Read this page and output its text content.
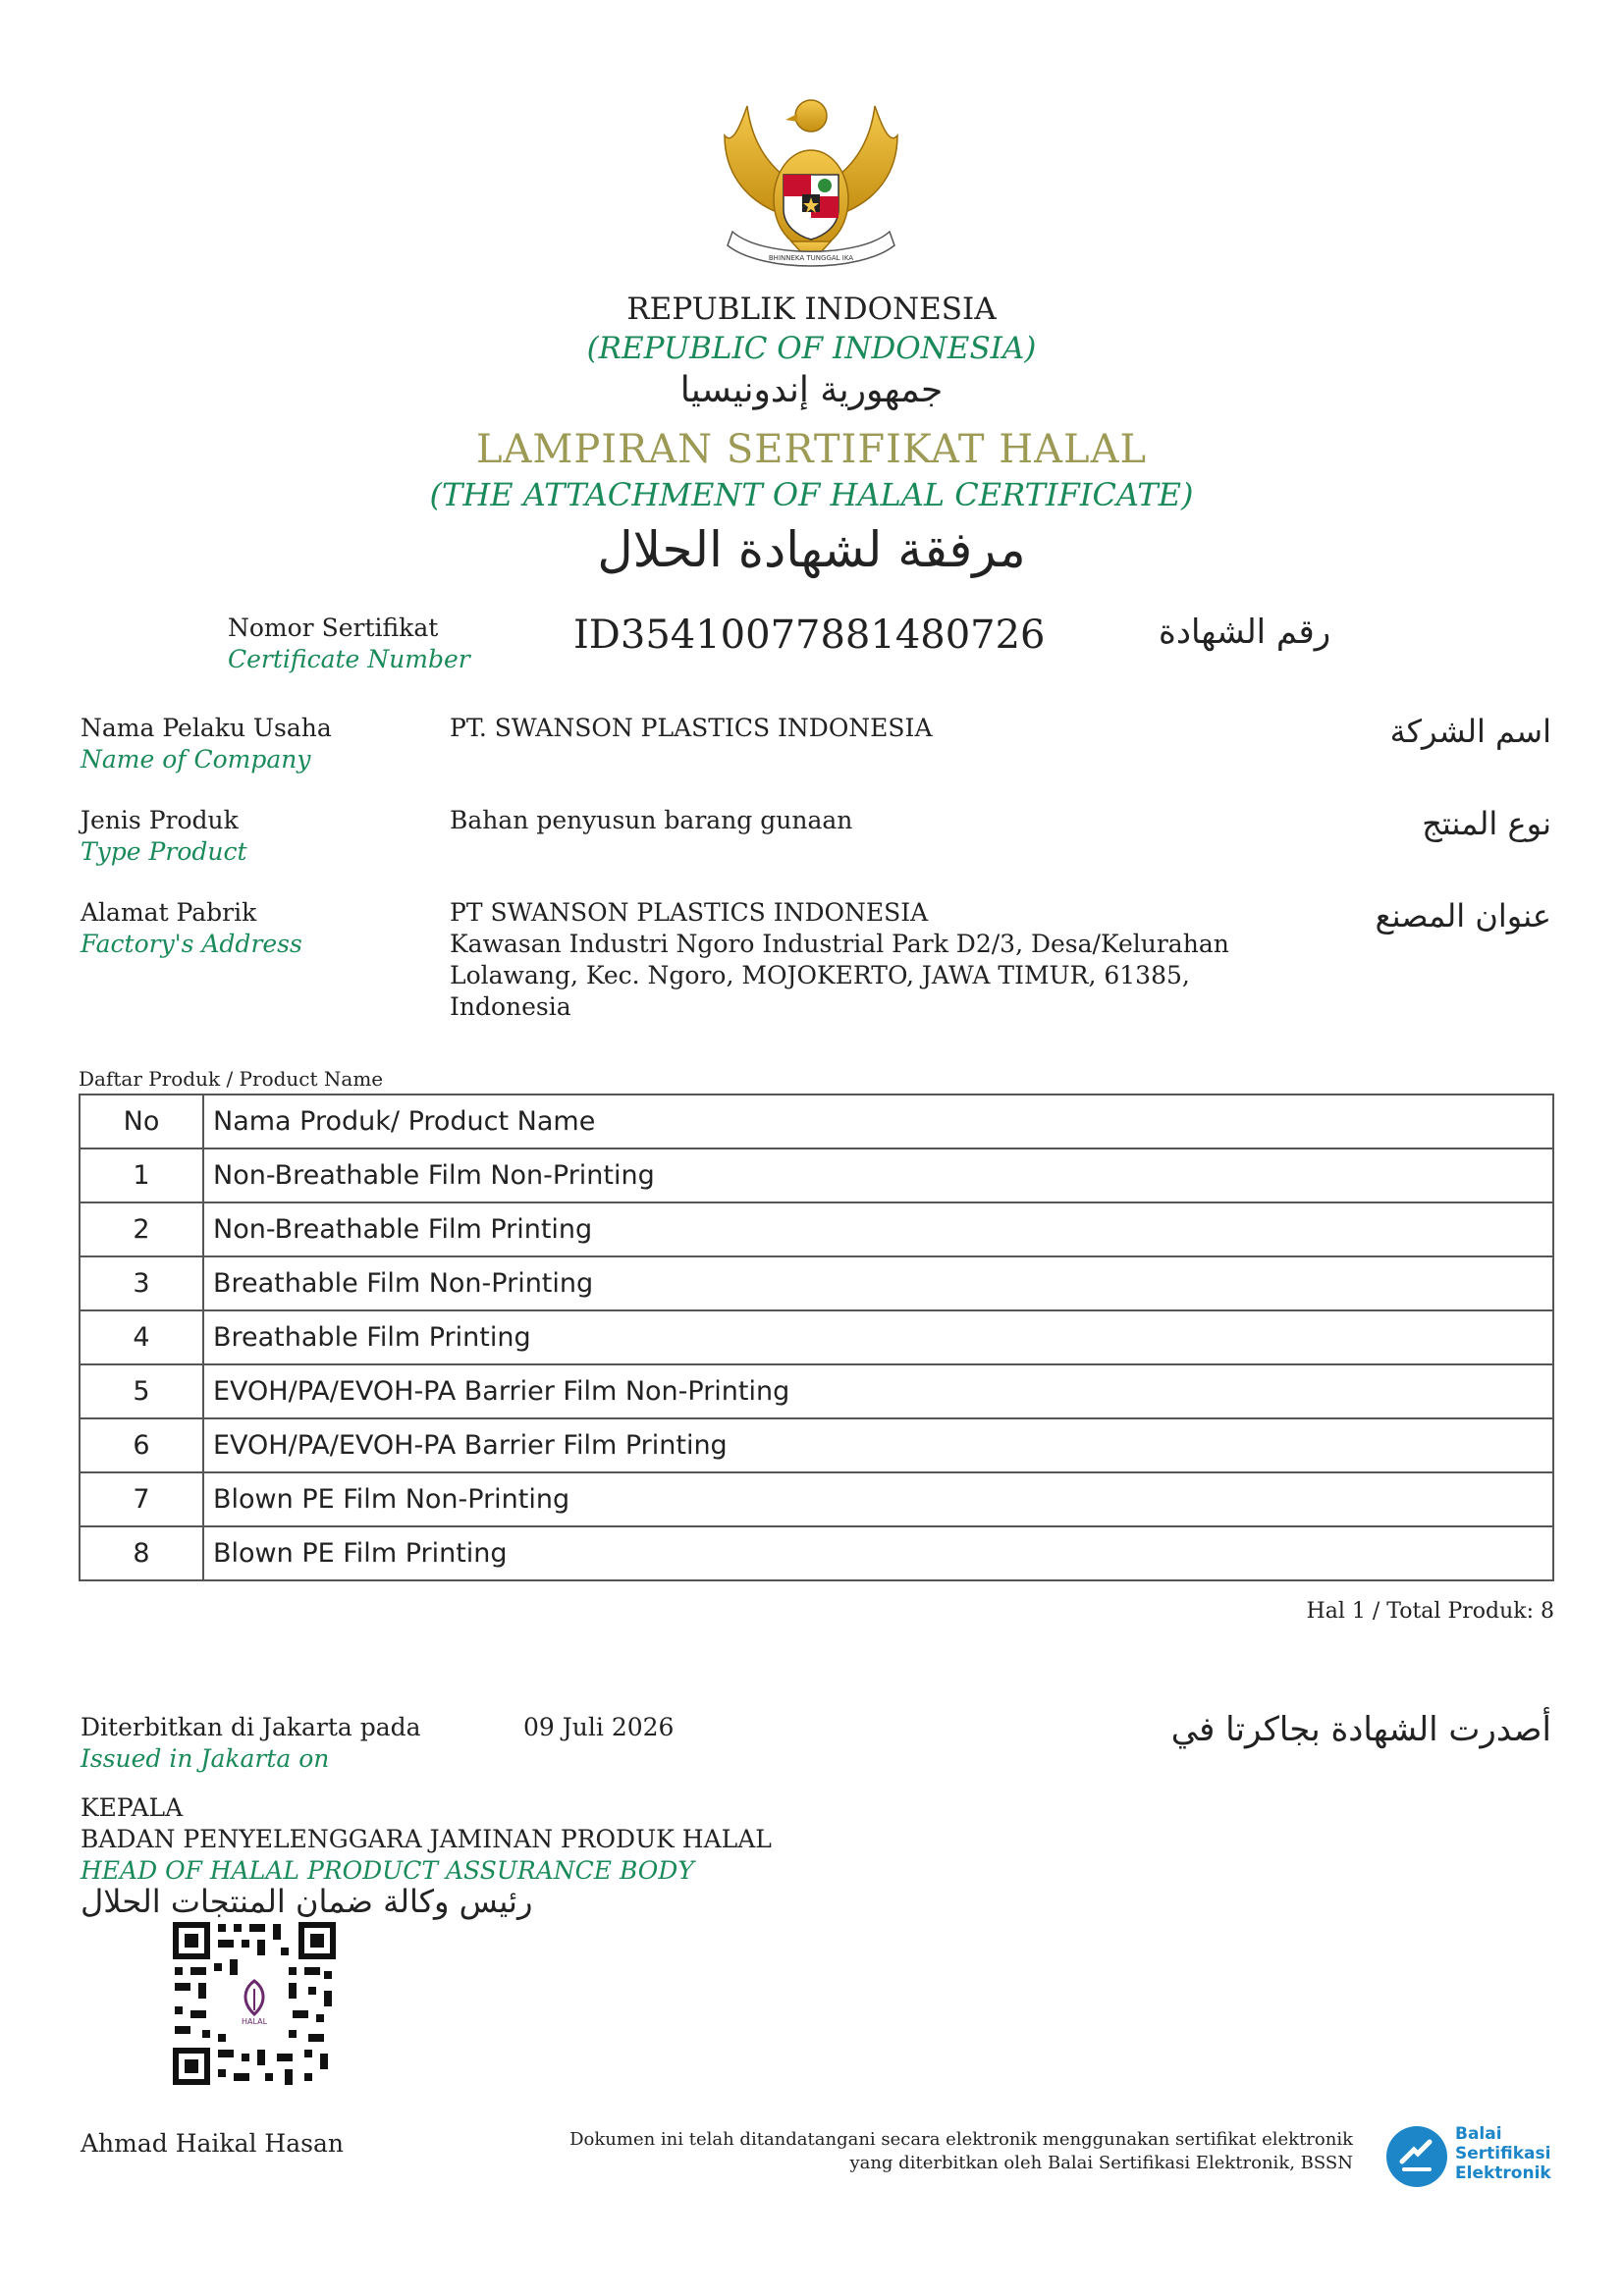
BHINNEKA TUNGGAL IKA
REPUBLIK INDONESIA
(REPUBLIC OF INDONESIA)
جمهورية إندونيسيا
LAMPIRAN SERTIFIKAT HALAL
(THE ATTACHMENT OF HALAL CERTIFICATE)
مرفقة لشهادة الحلال
Nomor Sertifikat
Certificate Number
ID35410077881480726	رقم الشهادة
Nama Pelaku Usaha
Name of Company
PT. SWANSON PLASTICS INDONESIA	اسم الشركة
Jenis Produk
Type Product
Bahan penyusun barang gunaan	نوع المنتج
Alamat Pabrik
Factory's Address
PT SWANSON PLASTICS INDONESIA
Kawasan Industri Ngoro Industrial Park D2/3, Desa/Kelurahan
Lolawang, Kec. Ngoro, MOJOKERTO, JAWA TIMUR, 61385,
Indonesia
عنوان المصنع
Daftar Produk / Product Name
No	Nama Produk/ Product Name
1	Non-Breathable Film Non-Printing
2	Non-Breathable Film Printing
3	Breathable Film Non-Printing
4	Breathable Film Printing
5	EVOH/PA/EVOH-PA Barrier Film Non-Printing
6	EVOH/PA/EVOH-PA Barrier Film Printing
7	Blown PE Film Non-Printing
8	Blown PE Film Printing
Hal 1 / Total Produk: 8
Diterbitkan di Jakarta pada
Issued in Jakarta on
09 Juli 2026	أصدرت الشهادة بجاكرتا في
KEPALA
BADAN PENYELENGGARA JAMINAN PRODUK HALAL
HEAD OF HALAL PRODUCT ASSURANCE BODY
رئيس وكالة ضمان المنتجات الحلال
HALAL
Ahmad Haikal Hasan	Dokumen ini telah ditandatangani secara elektronik menggunakan sertifikat elektronik
yang diterbitkan oleh Balai Sertifikasi Elektronik, BSSN
Balai
Sertifikasi
Elektronik
